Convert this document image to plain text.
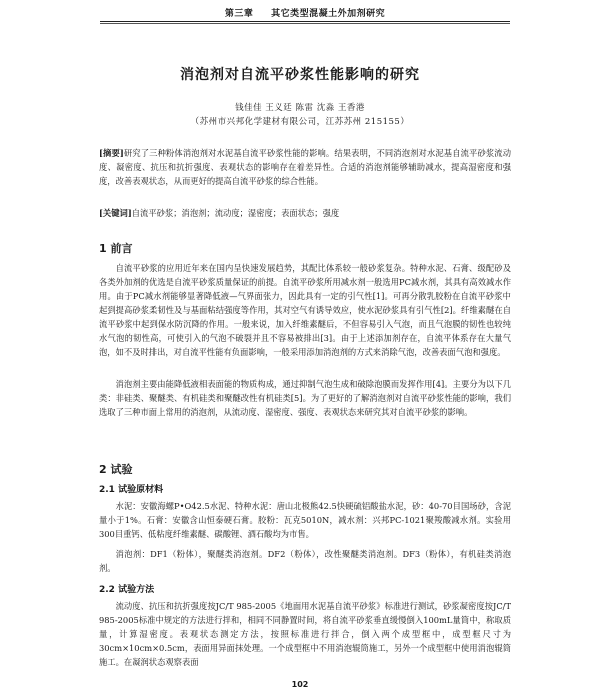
第三章 其它类型混凝土外加剂研究
消泡剂对自流平砂浆性能影响的研究
钱佳佳 王义廷 陈雷 沈淼 王香港
（苏州市兴邦化学建材有限公司，江苏苏州 215155）
[摘要]研究了三种粉体消泡剂对水泥基自流平砂浆性能的影响。结果表明，不同消泡剂对水泥基自流平砂浆流动度、凝密度、抗压和抗折强度、表观状态的影响存在着差异性。合适的消泡剂能够辅助减水，提高湿密度和强度，改善表观状态，从而更好的提高自流平砂浆的综合性能。
[关键词]自流平砂浆；消泡剂；流动度；湿密度；表面状态；强度
1 前言
自流平砂浆的应用近年来在国内呈快速发展趋势，其配比体系较一般砂浆复杂。特种水泥、石膏、级配砂及各类外加剂的优选是自流平砂浆质量保证的前提。自流平砂浆所用减水剂一般选用PC减水剂，其具有高效减水作用。由于PC减水剂能够显著降低液—气界面张力，因此具有一定的引气性[1]。可再分散乳胶粉在自流平砂浆中起到提高砂浆柔韧性及与基面粘结强度等作用，其对空气有诱导效应，使水泥砂浆具有引气性[2]。纤维素醚在自流平砂浆中起到保水防沉降的作用。一般来说，加入纤维素醚后，不但容易引入气泡，而且气泡膜的韧性也较纯水气泡的韧性高，可使引入的气泡不破裂并且不容易被排出[3]。由于上述添加剂存在，自流平体系存在大量气泡，如不及时排出，对自流平性能有负面影响，一般采用添加消泡剂的方式来消除气泡，改善表面气泡和强度。
消泡剂主要由能降低液相表面能的物质构成，通过抑制气泡生成和破除泡膜而发挥作用[4]。主要分为以下几类：非硅类、聚醚类、有机硅类和聚醚改性有机硅类[5]。为了更好的了解消泡剂对自流平砂浆性能的影响，我们选取了三种市面上常用的消泡剂，从流动度、湿密度、强度、表观状态来研究其对自流平砂浆的影响。
2 试验
2.1 试验原材料
水泥：安徽海螺P•O42.5水泥、特种水泥：唐山北极熊42.5快硬硫铝酸盐水泥，砂：40-70目国场砂，含泥量小于1%。石膏：安徽含山恒泰硬石膏。胶粉：瓦克5010N，减水剂：兴邦PC-1021聚羧酸减水剂。实验用300目重钙、低粘度纤维素醚、碳酸锂、酒石酸均为市售。
消泡剂：DF1（粉体），聚醚类消泡剂。DF2（粉体），改性聚醚类消泡剂。DF3（粉体），有机硅类消泡剂。
2.2 试验方法
流动度、抗压和抗折强度按JC/T 985-2005《地面用水泥基自流平砂浆》标准进行测试，砂浆凝密度按JC/T 985-2005标准中规定的方法进行拌和，相同不同静置时间，将自流平砂浆垂直缓慢倒入100mL量筒中，称取质量，计算湿密度。表观状态测定方法，按照标准进行拌合，倒入两个成型框中，成型框尺寸为30cm×10cm×0.5cm，表面用异面抹处理。一个成型框中不用消泡辊筒施工，另外一个成型框中使用消泡辊筒施工。在凝润状态观察表面
102
